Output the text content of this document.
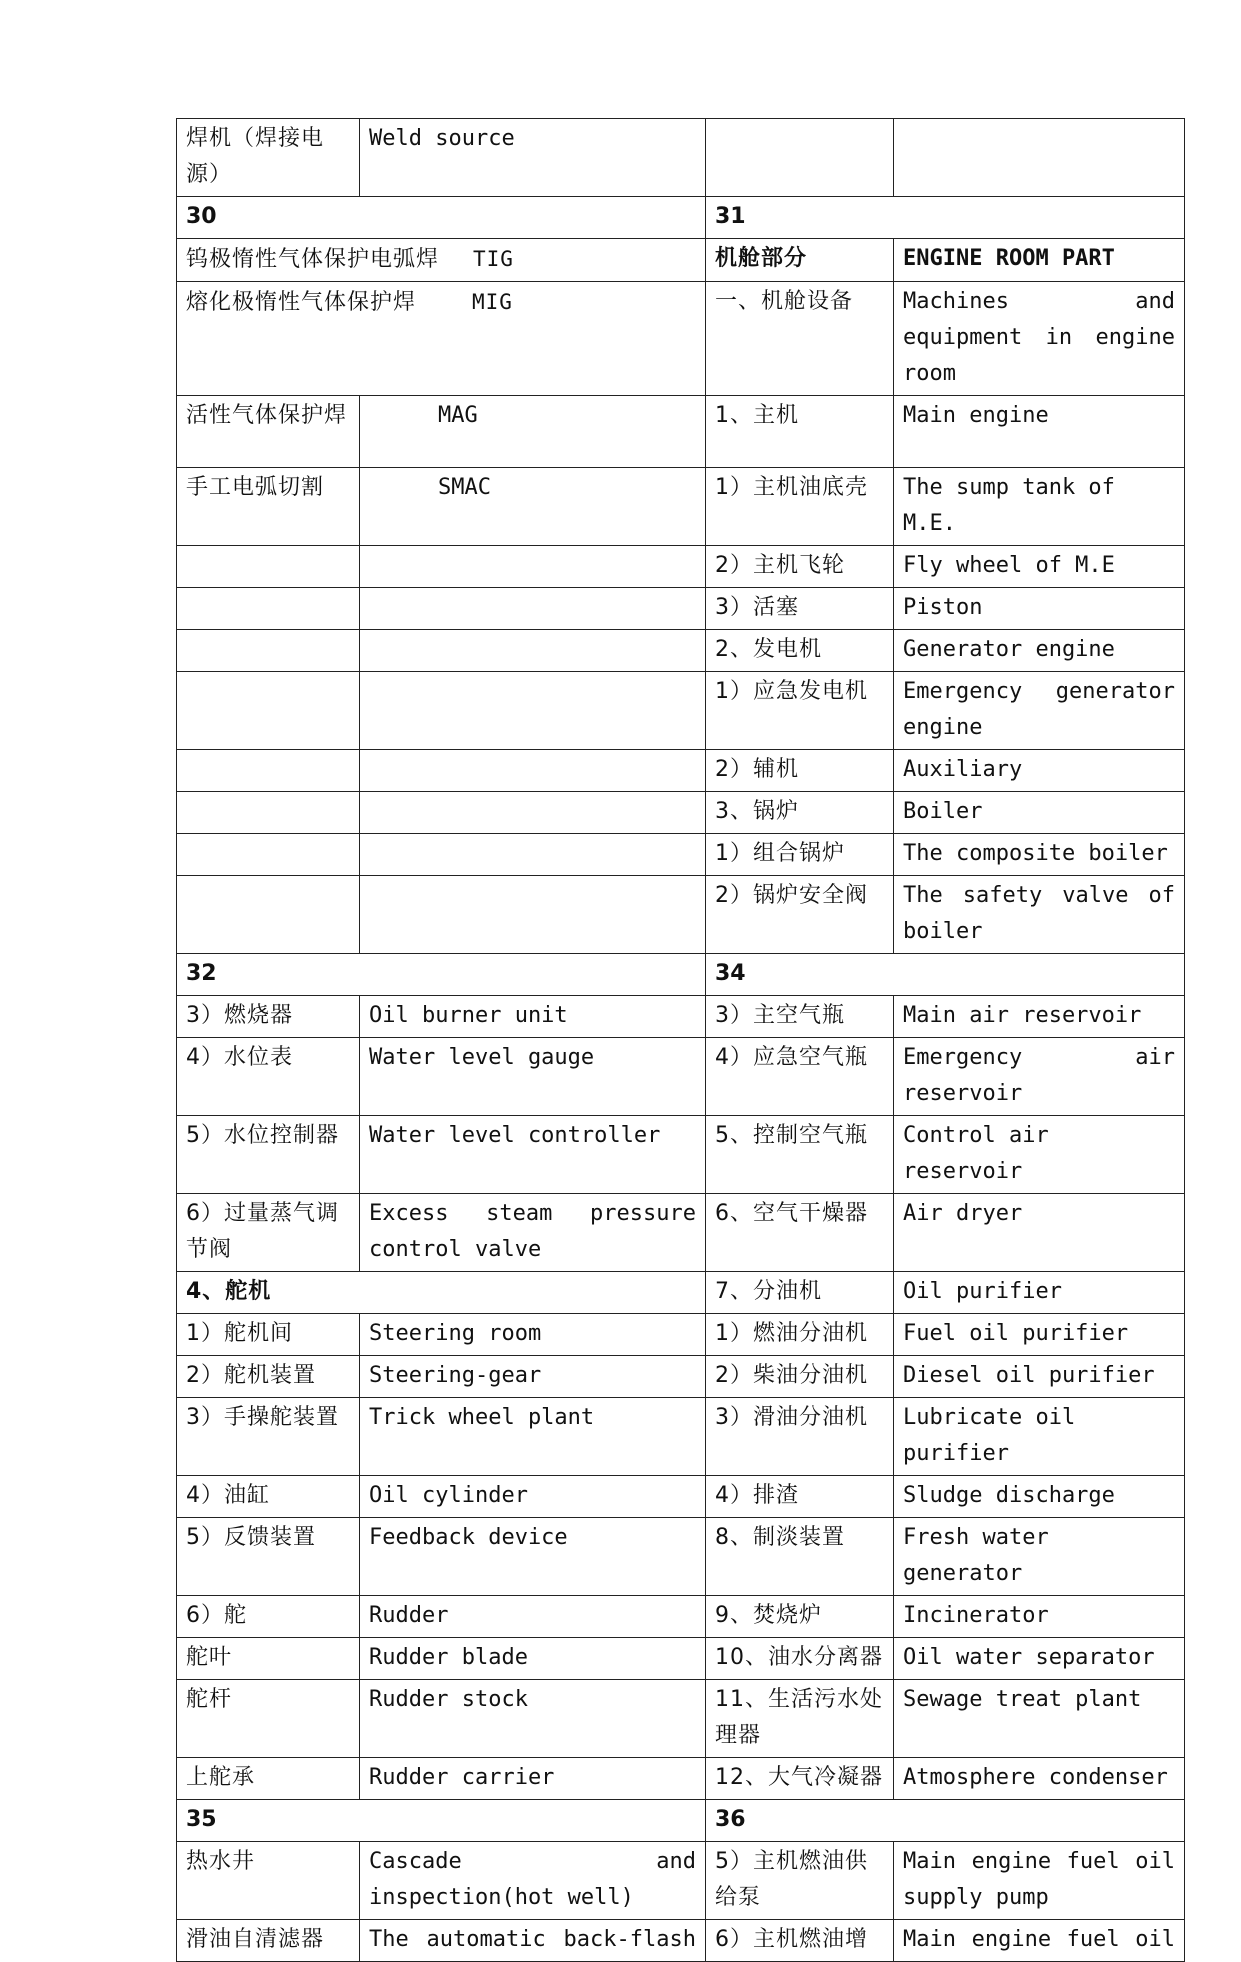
焊机（焊接电源）	Weld source		
30		31	
钨极惰性气体保护电弧焊 TIG		机舱部分	ENGINE ROOM PART
熔化极惰性气体保护焊 MIG		一、机舱设备	Machines and equipment in engine room
活性气体保护焊	MAG	1、主机	Main engine
手工电弧切割	SMAC	1）主机油底壳	The sump tank of M.E.
		2）主机飞轮	Fly wheel of M.E
		3）活塞	Piston
		2、发电机	Generator engine
		1）应急发电机	Emergency generator engine
		2）辅机	Auxiliary
		3、锅炉	Boiler
		1）组合锅炉	The composite boiler
		2）锅炉安全阀	The safety valve of boiler
32		34	
3）燃烧器	Oil burner unit	3）主空气瓶	Main air reservoir
4）水位表	Water level gauge	4）应急空气瓶	Emergency air reservoir
5）水位控制器	Water level controller	5、控制空气瓶	Control air reservoir
6）过量蒸气调节阀	Excess steam pressure control valve	6、空气干燥器	Air dryer
4、舵机		7、分油机	Oil purifier
1）舵机间	Steering room	1）燃油分油机	Fuel oil purifier
2）舵机装置	Steering-gear	2）柴油分油机	Diesel oil purifier
3）手操舵装置	Trick wheel plant	3）滑油分油机	Lubricate oil purifier
4）油缸	Oil cylinder	4）排渣	Sludge discharge
5）反馈装置	Feedback device	8、制淡装置	Fresh water generator
6）舵	Rudder	9、焚烧炉	Incinerator
舵叶	Rudder blade	10、油水分离器	Oil water separator
舵杆	Rudder stock	11、生活污水处理器	Sewage treat plant
上舵承	Rudder carrier	12、大气冷凝器	Atmosphere condenser
35		36	
热水井	Cascade and inspection(hot well)	5）主机燃油供给泵	Main engine fuel oil supply pump
滑油自清滤器	The automatic back-flash	6）主机燃油增	Main engine fuel oil
